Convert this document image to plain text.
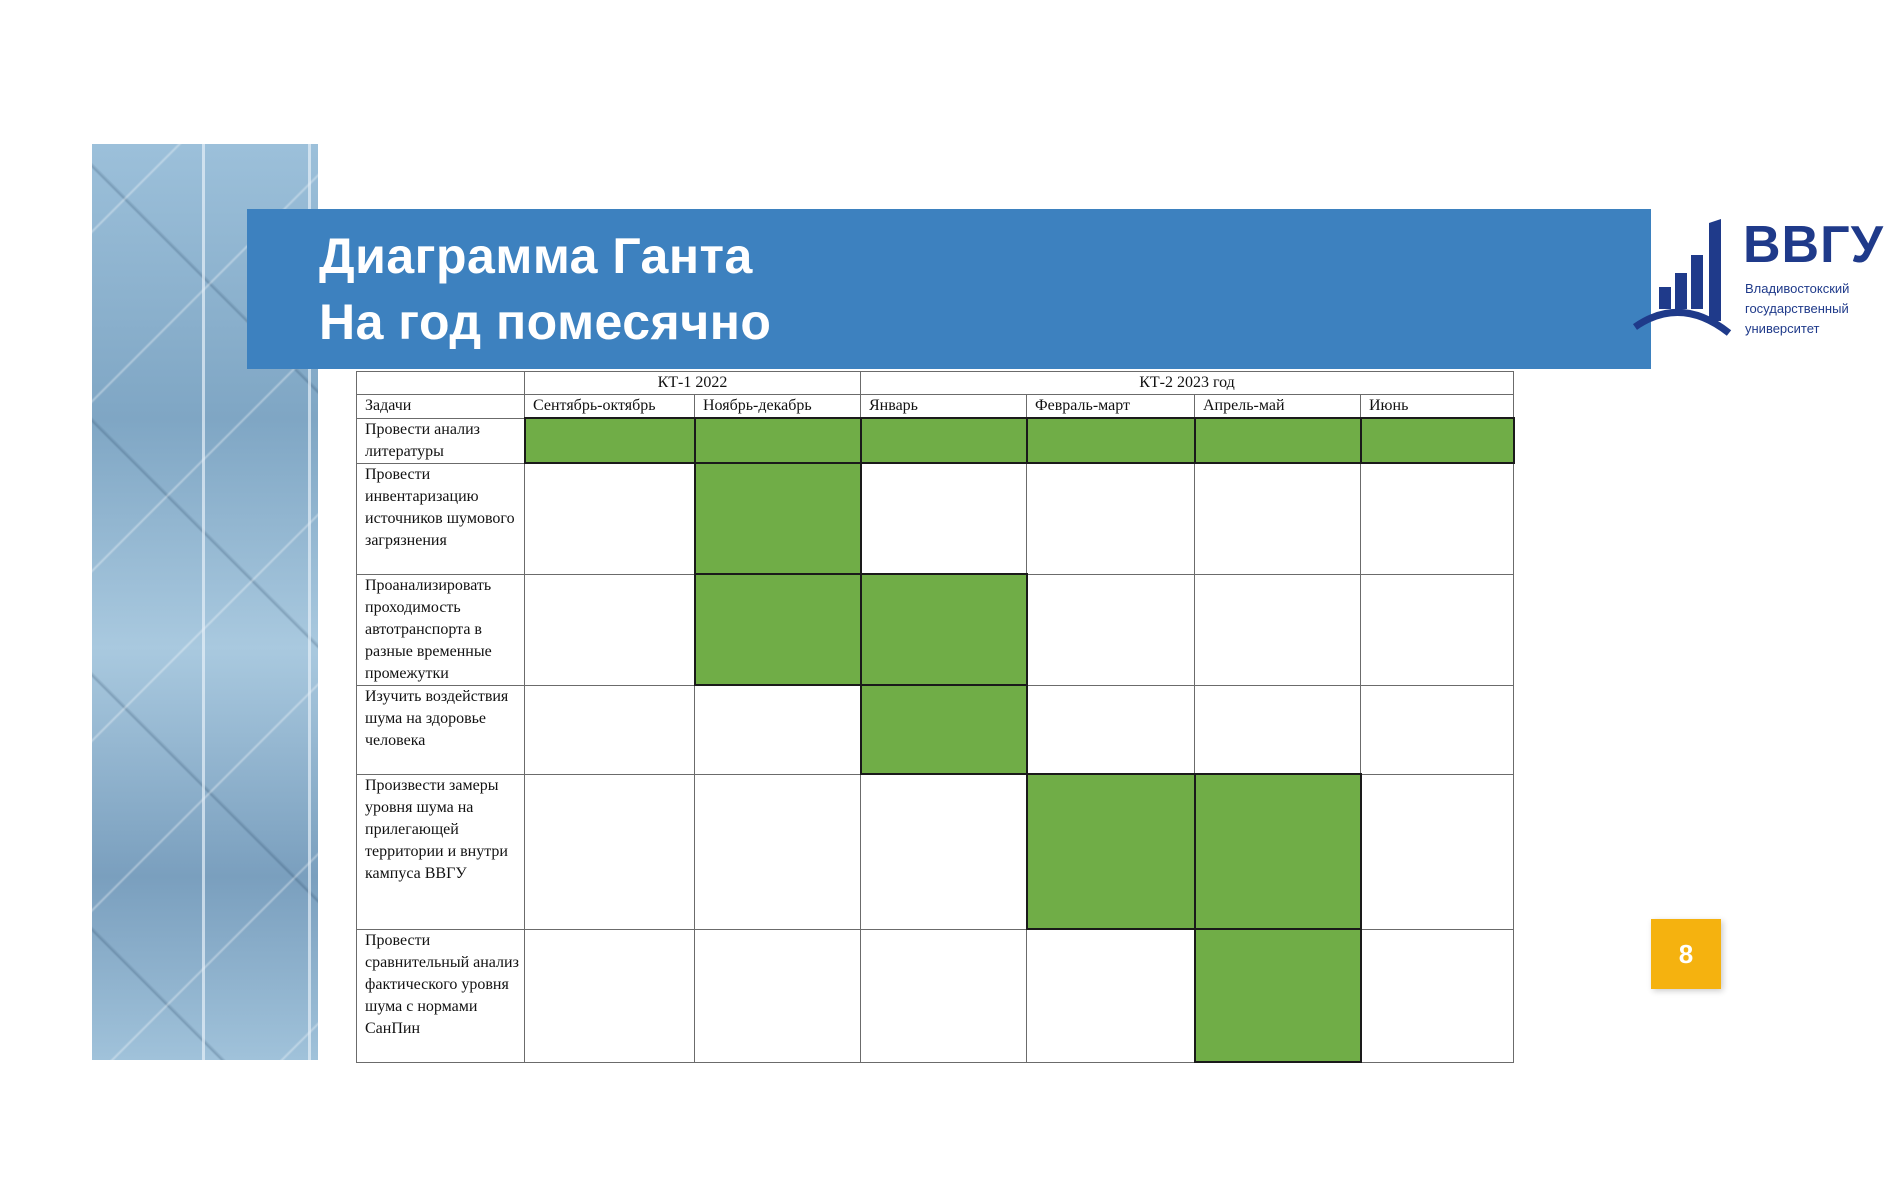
Диаграмма Ганта
На год помесячно
ВВГУ
Владивостокский
государственный
университет
	КТ-1 2022		КТ-2 2023 год			
Задачи	Сентябрь-октябрь	Ноябрь-декабрь	Январь	Февраль-март	Апрель-май	Июнь
Провести анализ литературы						
Провести инвентаризацию источников шумового загрязнения						
Проанализировать проходимость автотранспорта в разные временные промежутки						
Изучить воздействия шума на здоровье человека						
Произвести замеры уровня шума на прилегающей территории и внутри кампуса ВВГУ						
Провести сравнительный анализ фактического уровня шума с нормами СанПин						
8
